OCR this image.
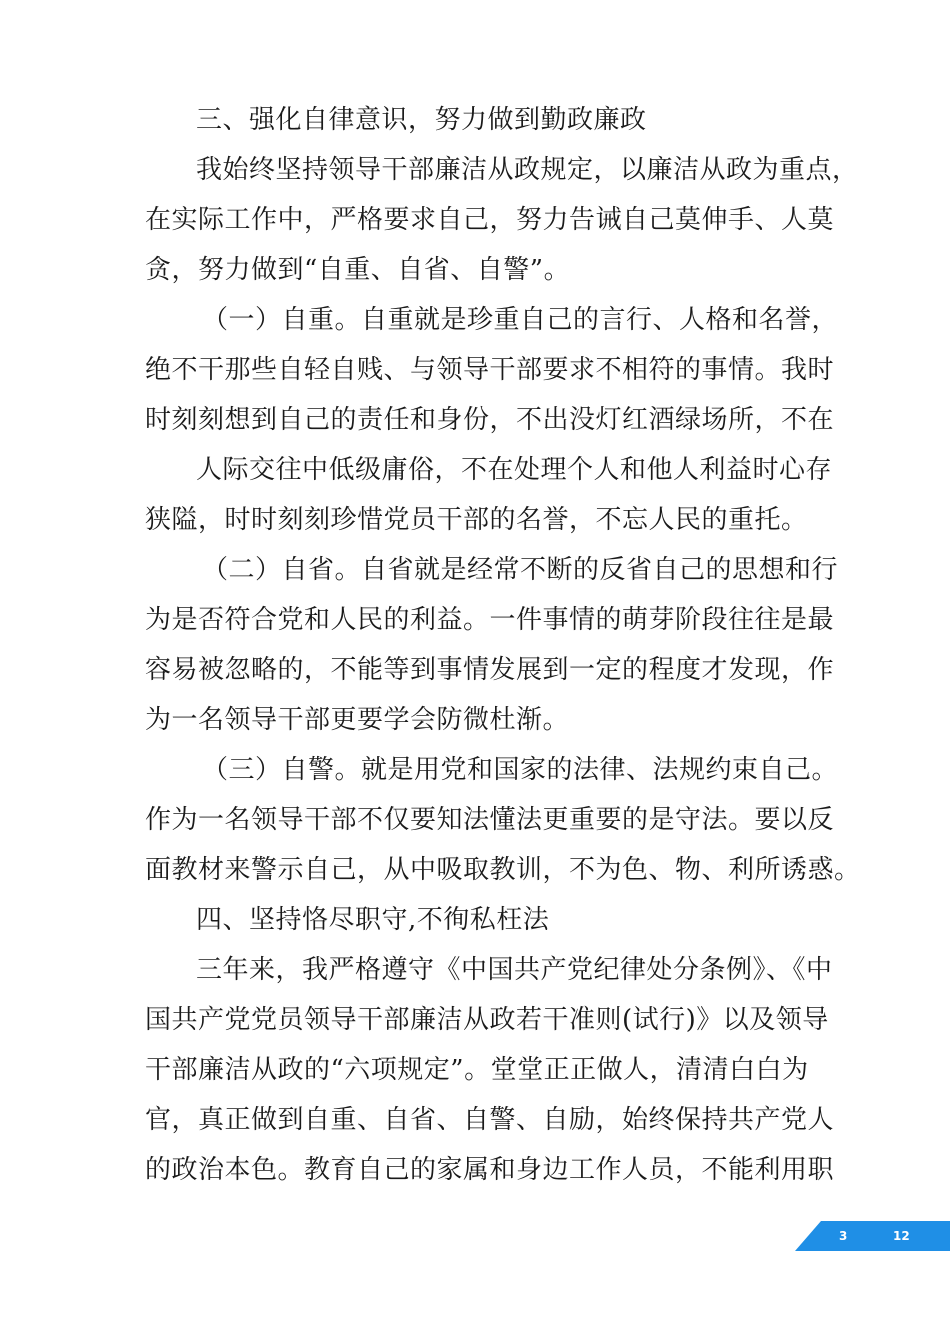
三、强化自律意识，努力做到勤政廉政
我始终坚持领导干部廉洁从政规定，以廉洁从政为重点，
在实际工作中，严格要求自己，努力告诫自己莫伸手、人莫
贪，努力做到“自重、自省、自警”。
（一）自重。自重就是珍重自己的言行、人格和名誉，
绝不干那些自轻自贱、与领导干部要求不相符的事情。我时
时刻刻想到自己的责任和身份，不出没灯红酒绿场所，不在
人际交往中低级庸俗，不在处理个人和他人利益时心存
狭隘，时时刻刻珍惜党员干部的名誉，不忘人民的重托。
（二）自省。自省就是经常不断的反省自己的思想和行
为是否符合党和人民的利益。一件事情的萌芽阶段往往是最
容易被忽略的，不能等到事情发展到一定的程度才发现，作
为一名领导干部更要学会防微杜渐。
（三）自警。就是用党和国家的法律、法规约束自己。
作为一名领导干部不仅要知法懂法更重要的是守法。要以反
面教材来警示自己，从中吸取教训，不为色、物、利所诱惑。
四、坚持恪尽职守,不徇私枉法
三年来，我严格遵守《中国共产党纪律处分条例》、《中
国共产党党员领导干部廉洁从政若干准则(试行)》以及领导
干部廉洁从政的“六项规定”。堂堂正正做人，清清白白为
官，真正做到自重、自省、自警、自励，始终保持共产党人
的政治本色。教育自己的家属和身边工作人员，不能利用职
3	12
